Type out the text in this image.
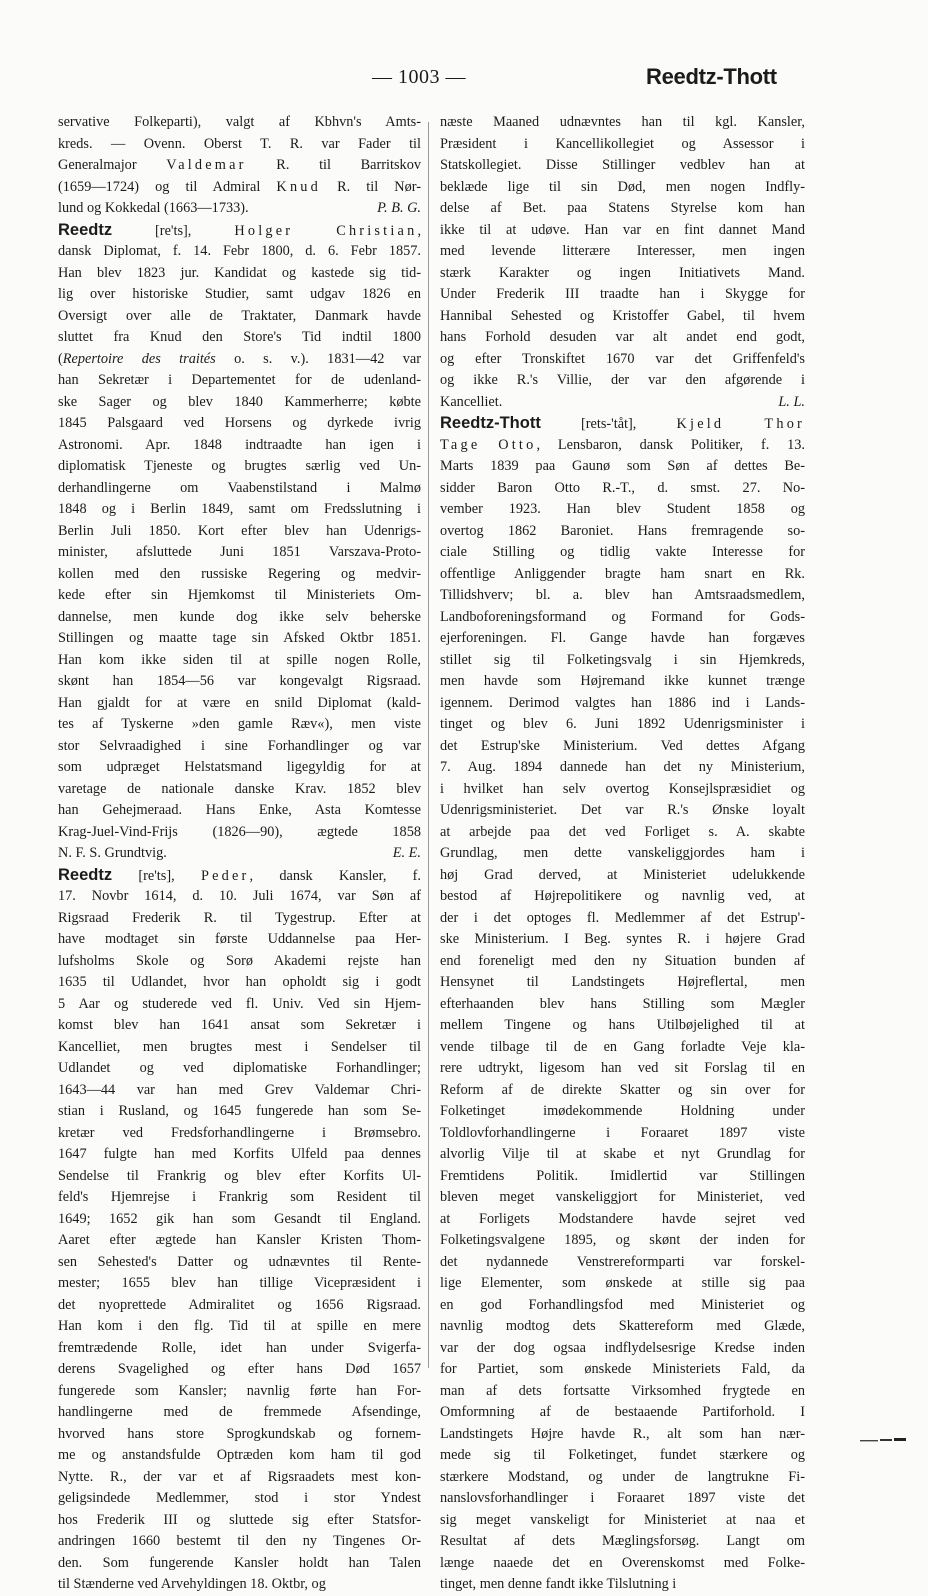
— 1003 —	Reedtz-Thott
servative Folkeparti), valgt af Kbhvn's Amts-
kreds. — Ovenn. Oberst T. R. var Fader til
Generalmajor Valdemar R. til Barritskov
(1659—1724) og til Admiral Knud R. til Nør-
lund og Kokkedal (1663—1733).	P. B. G.
Reedtz [re'ts], Holger	Christian,
dansk Diplomat, f. 14. Febr 1800, d. 6. Febr 1857.
Han blev 1823 jur. Kandidat og kastede sig tid-
lig over historiske Studier, samt udgav 1826 en
Oversigt over alle de Traktater, Danmark havde
sluttet fra Knud den Store's Tid indtil 1800
(Repertoire des traités o. s. v.). 1831—42 var
han Sekretær i Departementet for de udenland-
ske Sager og blev 1840 Kammerherre; købte
1845 Palsgaard ved Horsens og dyrkede ivrig
Astronomi. Apr. 1848 indtraadte han igen i
diplomatisk Tjeneste og brugtes særlig ved Un-
derhandlingerne om Vaabenstilstand i Malmø
1848 og i Berlin 1849, samt om Fredsslutning i
Berlin Juli 1850. Kort efter blev han Udenrigs-
minister, afsluttede Juni 1851 Varszava-Proto-
kollen med den russiske Regering og medvir-
kede efter sin Hjemkomst til Ministeriets Om-
dannelse, men kunde dog ikke selv beherske
Stillingen og maatte tage sin Afsked Oktbr 1851.
Han kom ikke siden til at spille nogen Rolle,
skønt han 1854—56 var kongevalgt Rigsraad.
Han gjaldt for at være en snild Diplomat (kald-
tes af Tyskerne »den gamle Ræv«), men viste
stor Selvraadighed i sine Forhandlinger og var
som udpræget Helstatsmand ligegyldig for at
varetage de nationale danske Krav. 1852 blev
han Gehejmeraad. Hans Enke, Asta Komtesse
Krag-Juel-Vind-Frijs (1826—90), ægtede 1858
N. F. S. Grundtvig.	E. E.
Reedtz [re'ts], Peder, dansk Kansler, f.
17. Novbr 1614, d. 10. Juli 1674, var Søn af
Rigsraad Frederik R. til Tygestrup. Efter at
have modtaget sin første Uddannelse paa Her-
lufsholms Skole og Sorø Akademi rejste han
1635 til Udlandet, hvor han opholdt sig i godt
5 Aar og studerede ved fl. Univ. Ved sin Hjem-
komst blev han 1641 ansat som Sekretær i
Kancelliet, men brugtes mest i Sendelser til
Udlandet og ved diplomatiske Forhandlinger;
1643—44 var han med Grev Valdemar Chri-
stian i Rusland, og 1645 fungerede han som Se-
kretær ved Fredsforhandlingerne i Brømsebro.
1647 fulgte han med Korfits Ulfeld paa dennes
Sendelse til Frankrig og blev efter Korfits Ul-
feld's Hjemrejse i Frankrig som Resident til
1649; 1652 gik han som Gesandt til England.
Aaret efter ægtede han Kansler Kristen Thom-
sen Sehested's Datter og udnævntes til Rente-
mester; 1655 blev han tillige Vicepræsident i
det nyoprettede Admiralitet og 1656 Rigsraad.
Han kom i den flg. Tid til at spille en mere
fremtrædende Rolle, idet han under Svigerfa-
derens Svagelighed og efter hans Død 1657
fungerede som Kansler; navnlig førte han For-
handlingerne med de fremmede Afsendinge,
hvorved hans store Sprogkundskab og fornem-
me og anstandsfulde Optræden kom ham til god
Nytte. R., der var et af Rigsraadets mest kon-
geligsindede Medlemmer, stod i stor Yndest
hos Frederik III og sluttede sig efter Statsfor-
andringen 1660 bestemt til den ny Tingenes Or-
den. Som fungerende Kansler holdt han Talen
til Stænderne ved Arvehyldingen 18. Oktbr, og
næste Maaned udnævntes han til kgl. Kansler,
Præsident i Kancellikollegiet og Assessor i
Statskollegiet. Disse Stillinger vedblev han at
beklæde lige til sin Død, men nogen Indfly-
delse af Bet. paa Statens Styrelse kom han
ikke til at udøve. Han var en fint dannet Mand
med levende litterære Interesser, men ingen
stærk Karakter og ingen Initiativets Mand.
Under Frederik III traadte han i Skygge for
Hannibal Sehested og Kristoffer Gabel, til hvem
hans Forhold desuden var alt andet end godt,
og efter Tronskiftet 1670 var det Griffenfeld's
og ikke R.'s Villie, der var den afgørende i
Kancelliet.	L. L.
Reedtz-Thott [rets-'tåt], Kjeld	Thor
Tage Otto, Lensbaron, dansk Politiker, f. 13.
Marts 1839 paa Gaunø som Søn af dettes Be-
sidder Baron Otto R.-T., d. smst. 27. No-
vember 1923. Han blev Student 1858 og
overtog 1862 Baroniet. Hans fremragende so-
ciale Stilling og tidlig vakte Interesse for
offentlige Anliggender bragte ham snart en Rk.
Tillidshverv; bl. a. blev han Amtsraadsmedlem,
Landboforeningsformand og Formand for Gods-
ejerforeningen. Fl. Gange havde han forgæves
stillet sig til Folketingsvalg i sin Hjemkreds,
men havde som Højremand ikke kunnet trænge
igennem. Derimod valgtes han 1886 ind i Lands-
tinget og blev 6. Juni 1892 Udenrigsminister i
det Estrup'ske Ministerium. Ved dettes Afgang
7. Aug. 1894 dannede han det ny Ministerium,
i hvilket han selv overtog Konsejlspræsidiet og
Udenrigsministeriet. Det var R.'s Ønske loyalt
at arbejde paa det ved Forliget s. A. skabte
Grundlag, men dette vanskeliggjordes ham i
høj Grad derved, at Ministeriet udelukkende
bestod af Højrepolitikere og navnlig ved, at
der i det optoges fl. Medlemmer af det Estrup'-
ske Ministerium. I Beg. syntes R. i højere Grad
end foreneligt med den ny Situation bunden af
Hensynet til Landstingets Højreflertal, men
efterhaanden blev hans Stilling som Mægler
mellem Tingene og hans Utilbøjelighed til at
vende tilbage til de en Gang forladte Veje kla-
rere udtrykt, ligesom han ved sit Forslag til en
Reform af de direkte Skatter og sin over for
Folketinget imødekommende Holdning under
Toldlovforhandlingerne i Foraaret 1897 viste
alvorlig Vilje til at skabe et nyt Grundlag for
Fremtidens Politik. Imidlertid var Stillingen
bleven meget vanskeliggjort for Ministeriet, ved
at Forligets Modstandere havde sejret ved
Folketingsvalgene 1895, og skønt der inden for
det nydannede Venstrereformparti var forskel-
lige Elementer, som ønskede at stille sig paa
en god Forhandlingsfod med Ministeriet og
navnlig modtog dets Skattereform med Glæde,
var der dog ogsaa indflydelsesrige Kredse inden
for Partiet, som ønskede Ministeriets Fald, da
man af dets fortsatte Virksomhed frygtede en
Omformning af de bestaaende Partiforhold. I
Landstingets Højre havde R., alt som han nær-
mede sig til Folketinget, fundet stærkere og
stærkere Modstand, og under de langtrukne Fi-
nanslovsforhandlinger i Foraaret 1897 viste det
sig meget vanskeligt for Ministeriet at naa et
Resultat af dets Mæglingsforsøg. Langt om
længe naaede det en Overenskomst med Folke-
tinget, men denne fandt ikke Tilslutning i
